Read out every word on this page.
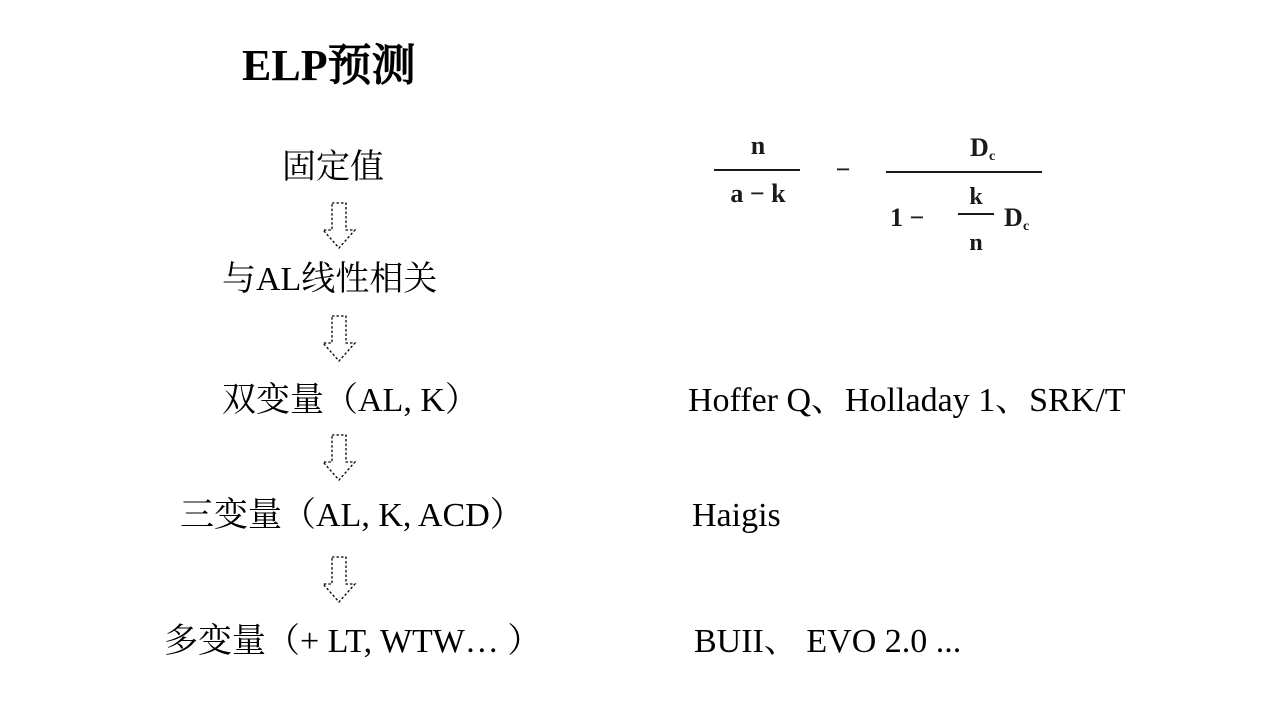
ELP预测
固定值
与AL线性相关
双变量（AL, K）
三变量（AL, K, ACD）
多变量（+ LT, WTW… ）
n
a − k
−
D c
1 −
k
n
D c
Hoffer Q、Holladay 1、SRK/T
Haigis
BUII、 EVO 2.0 ...
